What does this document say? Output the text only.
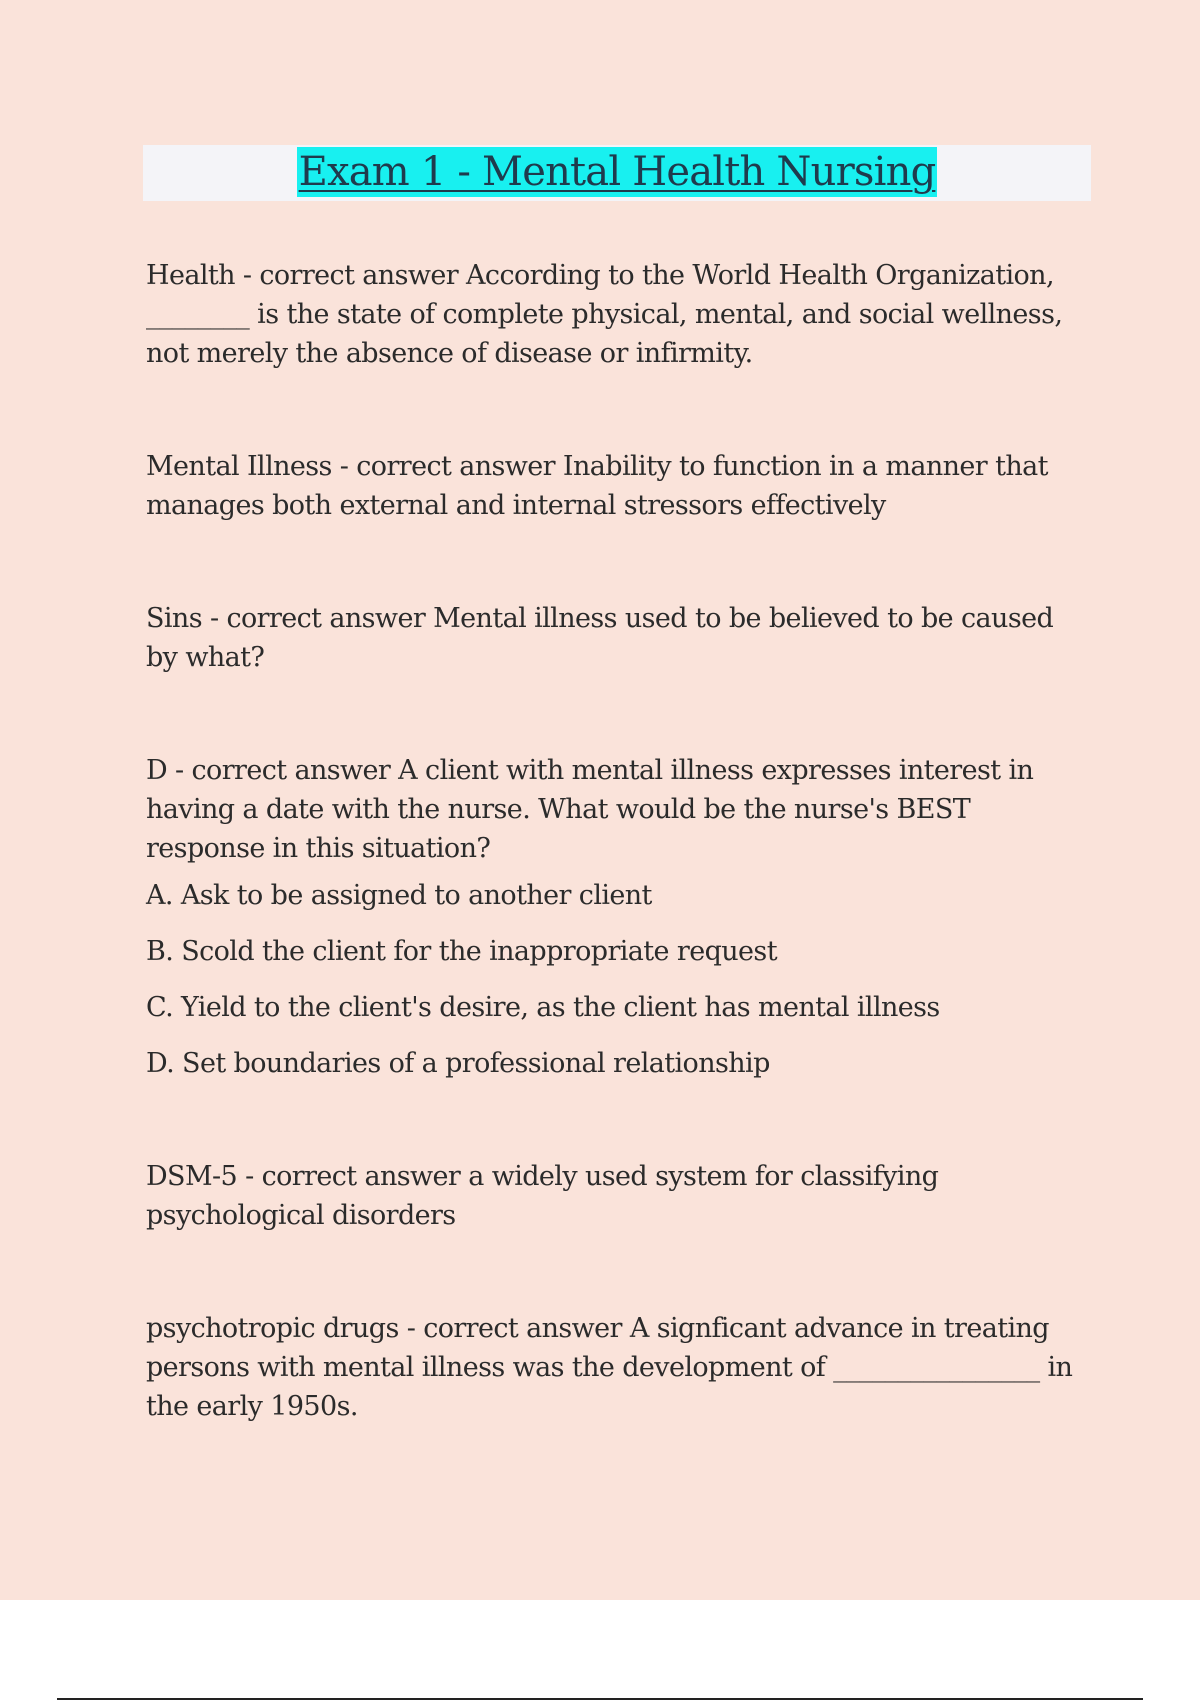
Exam 1 - Mental Health Nursing

Health - correct answer According to the World Health Organization, ________ is the state of complete physical, mental, and social wellness, not merely the absence of disease or infirmity.

Mental Illness - correct answer Inability to function in a manner that manages both external and internal stressors effectively

Sins - correct answer Mental illness used to be believed to be caused by what?

D - correct answer A client with mental illness expresses interest in having a date with the nurse. What would be the nurse's BEST response in this situation?

A. Ask to be assigned to another client

B. Scold the client for the inappropriate request

C. Yield to the client's desire, as the client has mental illness

D. Set boundaries of a professional relationship

DSM-5 - correct answer a widely used system for classifying psychological disorders

psychotropic drugs - correct answer A signficant advance in treating persons with mental illness was the development of ________________ in the early 1950s.
